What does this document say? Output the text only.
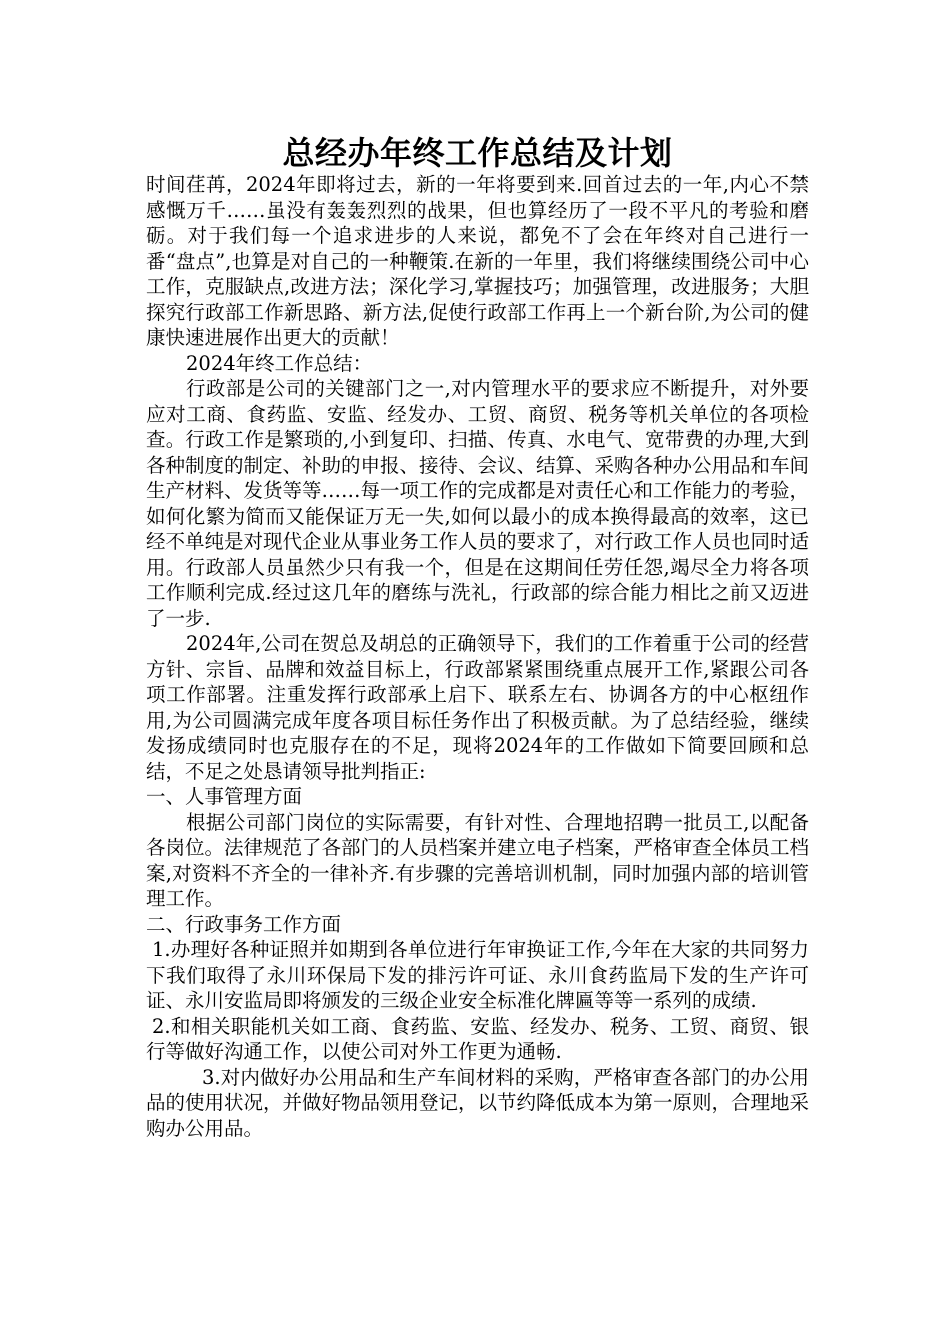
总经办年终工作总结及计划

时间荏苒，2024年即将过去，新的一年将要到来.回首过去的一年,内心不禁感慨万千……虽没有轰轰烈烈的战果，但也算经历了一段不平凡的考验和磨砺。对于我们每一个追求进步的人来说，都免不了会在年终对自己进行一番“盘点”,也算是对自己的一种鞭策.在新的一年里，我们将继续围绕公司中心工作，克服缺点,改进方法；深化学习,掌握技巧；加强管理，改进服务；大胆探究行政部工作新思路、新方法,促使行政部工作再上一个新台阶,为公司的健康快速进展作出更大的贡献！

2024年终工作总结：

行政部是公司的关键部门之一,对内管理水平的要求应不断提升，对外要应对工商、食药监、安监、经发办、工贸、商贸、税务等机关单位的各项检查。行政工作是繁琐的,小到复印、扫描、传真、水电气、宽带费的办理,大到各种制度的制定、补助的申报、接待、会议、结算、采购各种办公用品和车间生产材料、发货等等……每一项工作的完成都是对责任心和工作能力的考验，如何化繁为简而又能保证万无一失,如何以最小的成本换得最高的效率，这已经不单纯是对现代企业从事业务工作人员的要求了，对行政工作人员也同时适用。行政部人员虽然少只有我一个，但是在这期间任劳任怨,竭尽全力将各项工作顺利完成.经过这几年的磨练与洗礼，行政部的综合能力相比之前又迈进了一步.

2024年,公司在贺总及胡总的正确领导下，我们的工作着重于公司的经营方针、宗旨、品牌和效益目标上，行政部紧紧围绕重点展开工作,紧跟公司各项工作部署。注重发挥行政部承上启下、联系左右、协调各方的中心枢纽作用,为公司圆满完成年度各项目标任务作出了积极贡献。为了总结经验，继续发扬成绩同时也克服存在的不足，现将2024年的工作做如下简要回顾和总结，不足之处恳请领导批判指正:

一、人事管理方面

根据公司部门岗位的实际需要，有针对性、合理地招聘一批员工,以配备各岗位。法律规范了各部门的人员档案并建立电子档案，严格审查全体员工档案,对资料不齐全的一律补齐.有步骤的完善培训机制，同时加强内部的培训管理工作。

二、行政事务工作方面

1.办理好各种证照并如期到各单位进行年审换证工作,今年在大家的共同努力下我们取得了永川环保局下发的排污许可证、永川食药监局下发的生产许可证、永川安监局即将颁发的三级企业安全标准化牌匾等等一系列的成绩.

2.和相关职能机关如工商、食药监、安监、经发办、税务、工贸、商贸、银行等做好沟通工作，以使公司对外工作更为通畅.

3.对内做好办公用品和生产车间材料的采购，严格审查各部门的办公用品的使用状况，并做好物品领用登记，以节约降低成本为第一原则，合理地采购办公用品。
